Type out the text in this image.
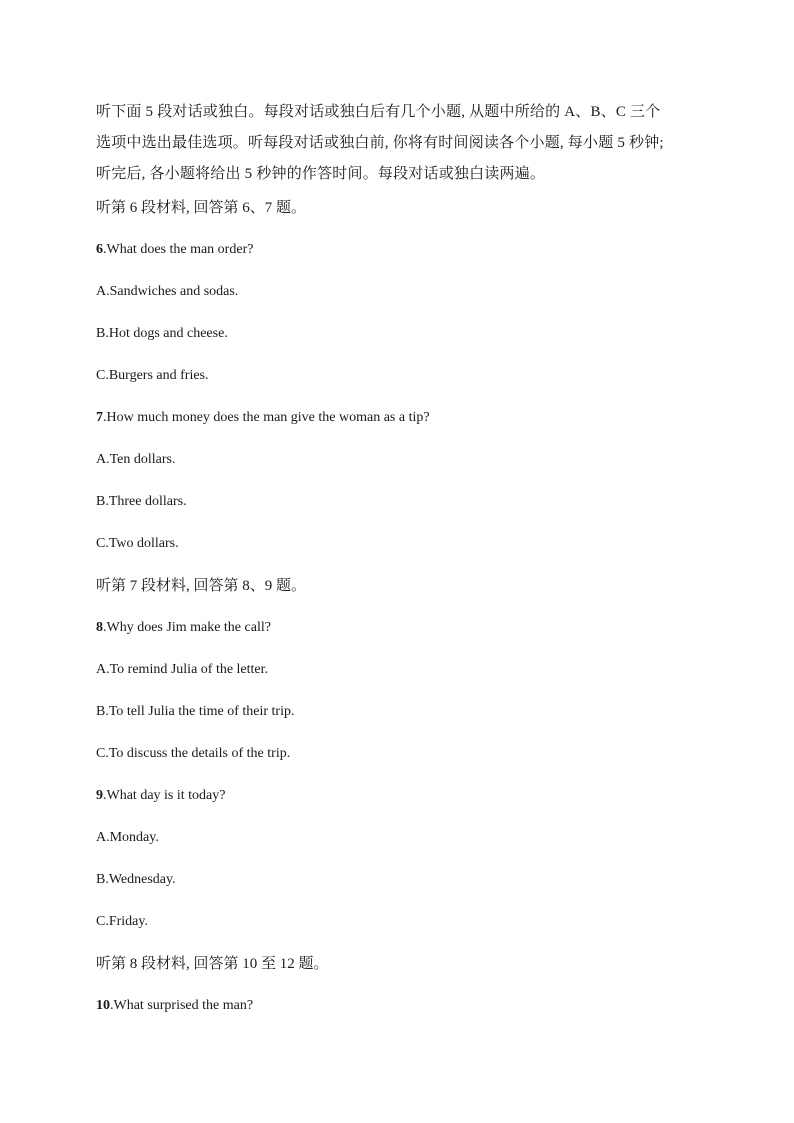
听下面 5 段对话或独白。每段对话或独白后有几个小题, 从题中所给的 A、B、C 三个
选项中选出最佳选项。听每段对话或独白前, 你将有时间阅读各个小题, 每小题 5 秒钟;
听完后, 各小题将给出 5 秒钟的作答时间。每段对话或独白读两遍。

听第 6 段材料, 回答第 6、7 题。

6.What does the man order?

A.Sandwiches and sodas.

B.Hot dogs and cheese.

C.Burgers and fries.

7.How much money does the man give the woman as a tip?

A.Ten dollars.

B.Three dollars.

C.Two dollars.

听第 7 段材料, 回答第 8、9 题。

8.Why does Jim make the call?

A.To remind Julia of the letter.

B.To tell Julia the time of their trip.

C.To discuss the details of the trip.

9.What day is it today?

A.Monday.

B.Wednesday.

C.Friday.

听第 8 段材料, 回答第 10 至 12 题。

10.What surprised the man?
